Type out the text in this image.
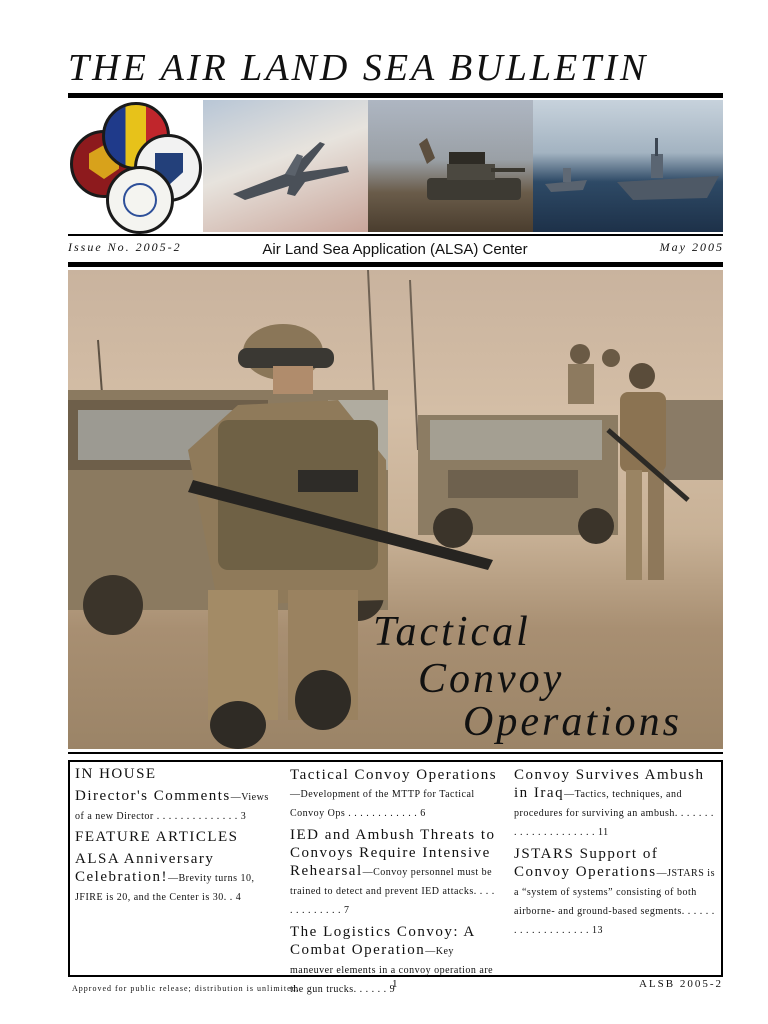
THE AIR LAND SEA BULLETIN
Issue No. 2005-2	Air Land Sea Application (ALSA) Center	May 2005
Tactical
Convoy
Operations

IN HOUSE

Director's Comments—Views of a new Director . . . . . . . . . . . . . . 3

FEATURE ARTICLES

ALSA Anniversary Celebration!—Brevity turns 10, JFIRE is 20, and the Center is 30. . 4
Tactical Convoy Operations
—Development of the MTTP for Tactical Convoy Ops . . . . . . . . . . . . 6
IED and Ambush Threats to Convoys Require Intensive Rehearsal—Convoy personnel must be trained to detect and prevent IED attacks. . . . . . . . . . . . . 7
The Logistics Convoy: A Combat Operation—Key maneuver elements in a convoy operation are the gun trucks. . . . . . 9
Convoy Survives Ambush in Iraq—Tactics, techniques, and procedures for surviving an ambush. . . . . . . . . . . . . . . . . . . . . 11
JSTARS Support of Convoy Operations—JSTARS is a “system of systems” consisting of both airborne- and ground-based segments. . . . . . . . . . . . . . . . . . . 13
Approved for public release; distribution is unlimited.	1	ALSB 2005-2
